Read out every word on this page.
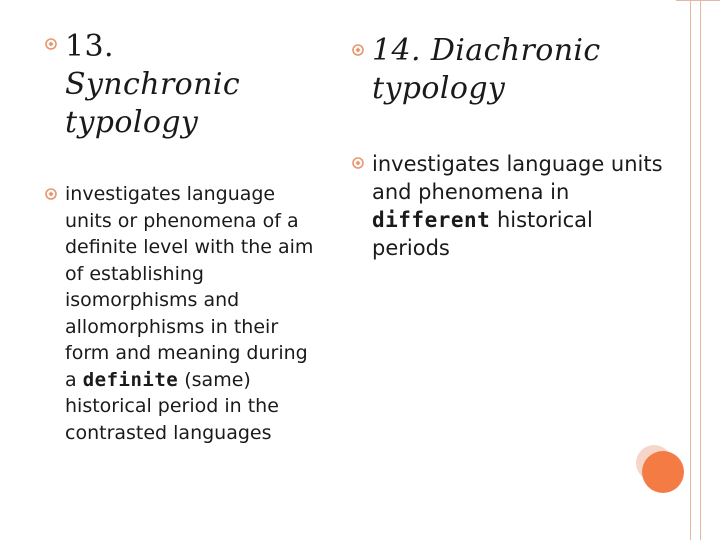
13.
Synchronic typology
investigates language units or phenomena of a definite level with the aim of establishing isomorphisms and allomorphisms in their form and meaning during a definite (same) historical period in the contrasted languages
14. Diachronic typology
investigates language units and phenomena in different historical periods
